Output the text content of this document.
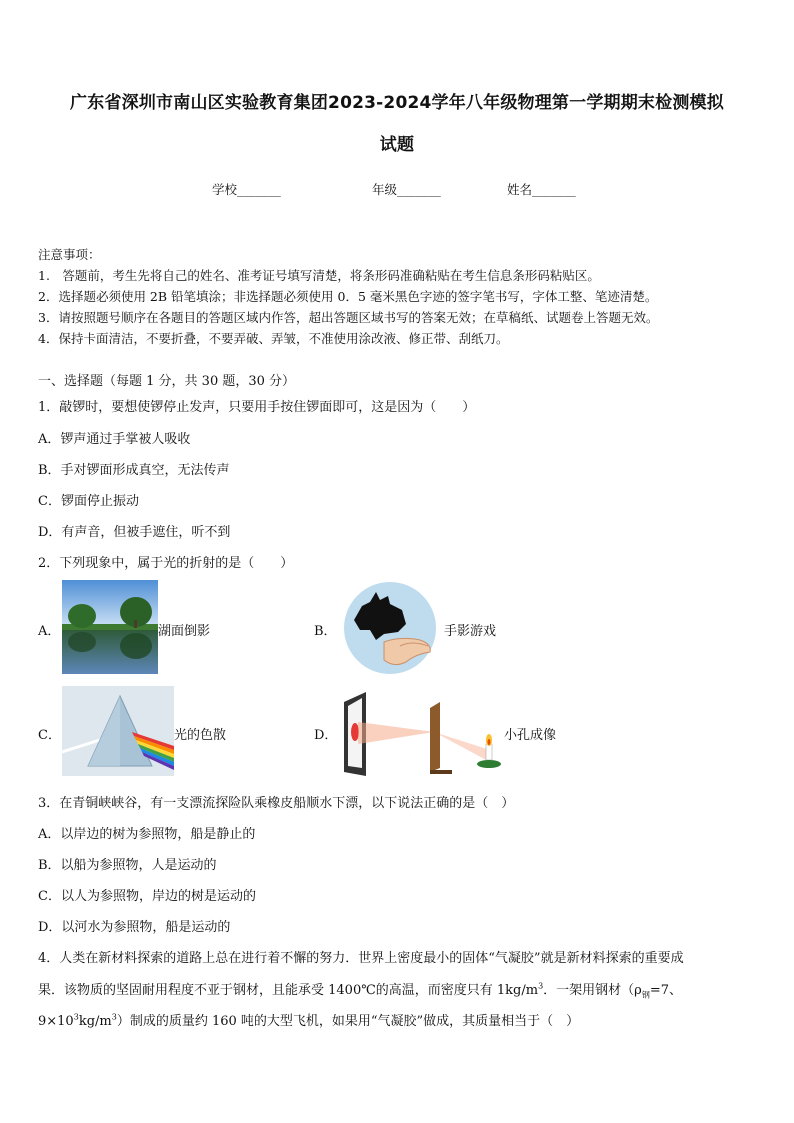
广东省深圳市南山区实验教育集团2023-2024学年八年级物理第一学期期末检测模拟
试题
学校_______	年级_______	姓名_______
注意事项：
1.　答题前，考生先将自己的姓名、准考证号填写清楚，将条形码准确粘贴在考生信息条形码粘贴区。
2．选择题必须使用 2B 铅笔填涂；非选择题必须使用 0．5 毫米黑色字迹的签字笔书写，字体工整、笔迹清楚。
3．请按照题号顺序在各题目的答题区域内作答，超出答题区域书写的答案无效；在草稿纸、试题卷上答题无效。
4．保持卡面清洁，不要折叠，不要弄破、弄皱，不准使用涂改液、修正带、刮纸刀。
一、选择题（每题 1 分，共 30 题，30 分）
1．敲锣时，要想使锣停止发声，只要用手按住锣面即可，这是因为（　　）
A．锣声通过手掌被人吸收
B．手对锣面形成真空，无法传声
C．锣面停止振动
D．有声音，但被手遮住，听不到
2．下列现象中，属于光的折射的是（　　）
A．	湖面倒影	B．	手影游戏
C．	光的色散	D．	小孔成像
3．在青铜峡峡谷，有一支漂流探险队乘橡皮船顺水下漂，以下说法正确的是（　）
A．以岸边的树为参照物，船是静止的
B．以船为参照物，人是运动的
C．以人为参照物，岸边的树是运动的
D．以河水为参照物，船是运动的
4．人类在新材料探索的道路上总在进行着不懈的努力．世界上密度最小的固体“气凝胶”就是新材料探索的重要成
果．该物质的坚固耐用程度不亚于钢材，且能承受 1400℃的高温，而密度只有 $1kg/m^3$．一架用钢材（$\rho_钢=7$、
$9\times 10^3kg/m^3$）制成的质量约 160 吨的大型飞机，如果用“气凝胶”做成，其质量相当于（　）
